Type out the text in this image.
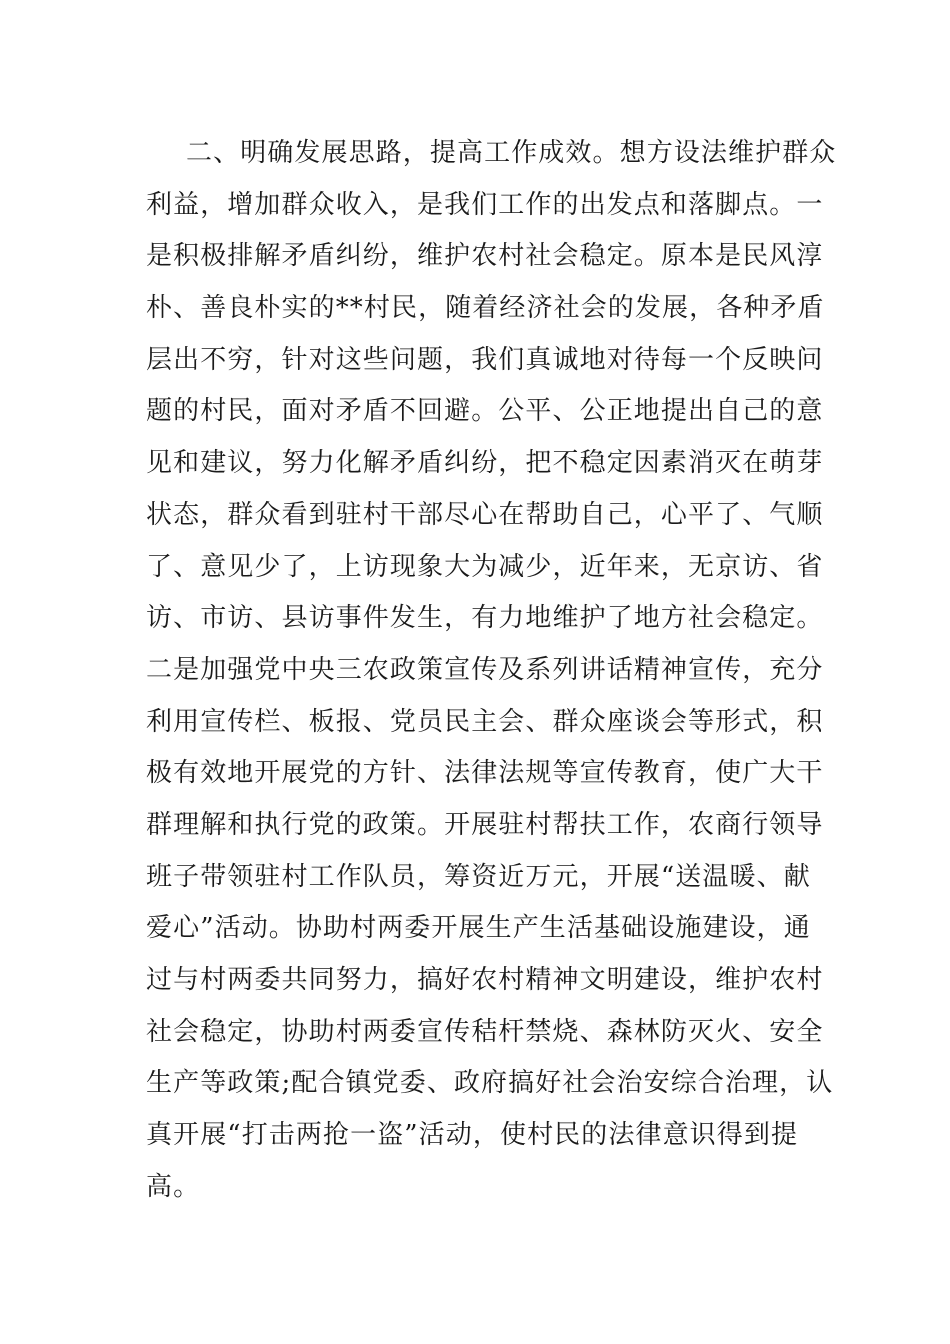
二、明确发展思路，提高工作成效。想方设法维护群众
利益，增加群众收入，是我们工作的出发点和落脚点。一
是积极排解矛盾纠纷，维护农村社会稳定。原本是民风淳
朴、善良朴实的**村民，随着经济社会的发展，各种矛盾
层出不穷，针对这些问题，我们真诚地对待每一个反映问
题的村民，面对矛盾不回避。公平、公正地提出自己的意
见和建议，努力化解矛盾纠纷，把不稳定因素消灭在萌芽
状态，群众看到驻村干部尽心在帮助自己，心平了、气顺
了、意见少了，上访现象大为减少，近年来，无京访、省
访、市访、县访事件发生，有力地维护了地方社会稳定。
二是加强党中央三农政策宣传及系列讲话精神宣传，充分
利用宣传栏、板报、党员民主会、群众座谈会等形式，积
极有效地开展党的方针、法律法规等宣传教育，使广大干
群理解和执行党的政策。开展驻村帮扶工作，农商行领导
班子带领驻村工作队员，筹资近万元，开展“送温暖、献
爱心”活动。协助村两委开展生产生活基础设施建设，通
过与村两委共同努力，搞好农村精神文明建设，维护农村
社会稳定，协助村两委宣传秸杆禁烧、森林防灭火、安全
生产等政策;配合镇党委、政府搞好社会治安综合治理，认
真开展“打击两抢一盗”活动，使村民的法律意识得到提
高。
